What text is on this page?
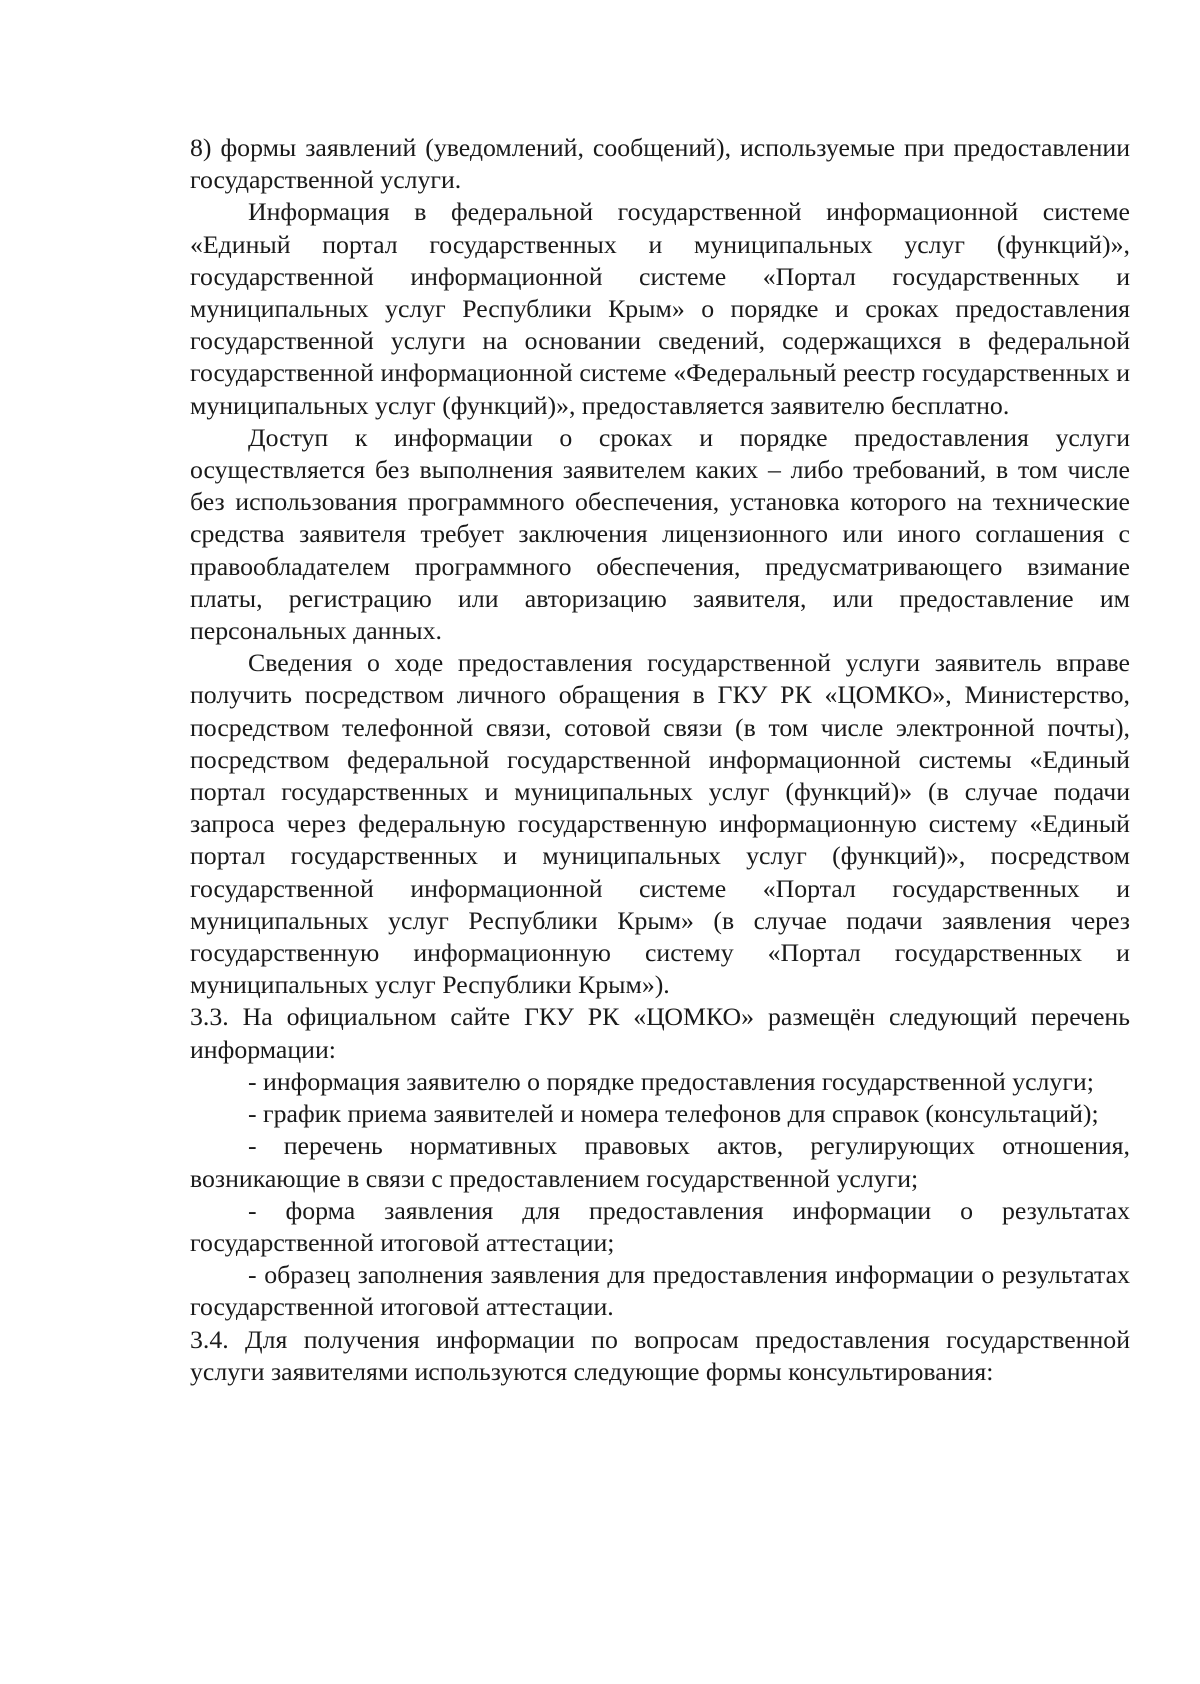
8) формы заявлений (уведомлений, сообщений), используемые при предоставлении государственной услуги.

Информация в федеральной государственной информационной системе «Единый портал государственных и муниципальных услуг (функций)», государственной информационной системе «Портал государственных и муниципальных услуг Республики Крым» о порядке и сроках предоставления государственной услуги на основании сведений, содержащихся в федеральной государственной информационной системе «Федеральный реестр государственных и муниципальных услуг (функций)», предоставляется заявителю бесплатно.

Доступ к информации о сроках и порядке предоставления услуги осуществляется без выполнения заявителем каких – либо требований, в том числе без использования программного обеспечения, установка которого на технические средства заявителя требует заключения лицензионного или иного соглашения с правообладателем программного обеспечения, предусматривающего взимание платы, регистрацию или авторизацию заявителя, или предоставление им персональных данных.

Сведения о ходе предоставления государственной услуги заявитель вправе получить посредством личного обращения в ГКУ РК «ЦОМКО», Министерство, посредством телефонной связи, сотовой связи (в том числе электронной почты), посредством федеральной государственной информационной системы «Единый портал государственных и муниципальных услуг (функций)» (в случае подачи запроса через федеральную государственную информационную систему «Единый портал государственных и муниципальных услуг (функций)», посредством государственной информационной системе «Портал государственных и муниципальных услуг Республики Крым» (в случае подачи заявления через государственную информационную систему «Портал государственных и муниципальных услуг Республики Крым»).

3.3. На официальном сайте ГКУ РК «ЦОМКО» размещён следующий перечень информации:

- информация заявителю о порядке предоставления государственной услуги;

- график приема заявителей и номера телефонов для справок (консультаций);

- перечень нормативных правовых актов, регулирующих отношения, возникающие в связи с предоставлением государственной услуги;

- форма заявления для предоставления информации о результатах государственной итоговой аттестации;

- образец заполнения заявления для предоставления информации о результатах государственной итоговой аттестации.

3.4. Для получения информации по вопросам предоставления государственной услуги заявителями используются следующие формы консультирования:
